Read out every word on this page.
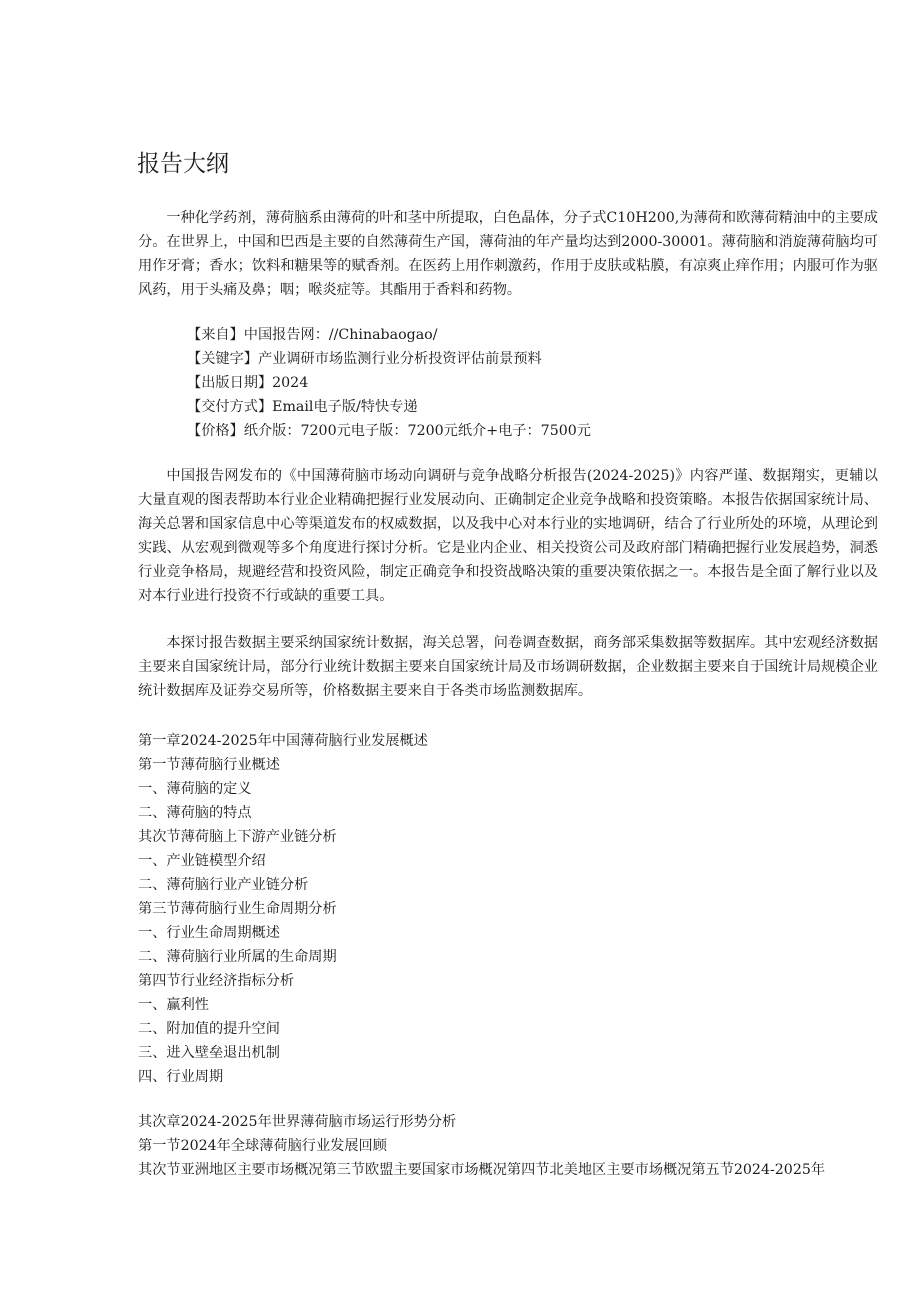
报告大纲

一种化学药剂，薄荷脑系由薄荷的叶和茎中所提取，白色晶体，分子式C10H200,为薄荷和欧薄荷精油中的主要成分。在世界上，中国和巴西是主要的自然薄荷生产国，薄荷油的年产量均达到2000-30001。薄荷脑和消旋薄荷脑均可用作牙膏；香水；饮料和糖果等的赋香剂。在医药上用作刺激药，作用于皮肤或粘膜，有凉爽止痒作用；内服可作为驱风药，用于头痛及鼻；咽；喉炎症等。其酯用于香料和药物。

【来自】中国报告网：//Chinabaogao/
【关键字】产业调研市场监测行业分析投资评估前景预料
【出版日期】2024
【交付方式】Email电子版/特快专递
【价格】纸介版：7200元电子版：7200元纸介+电子：7500元

中国报告网发布的《中国薄荷脑市场动向调研与竞争战略分析报告(2024-2025)》内容严谨、数据翔实，更辅以大量直观的图表帮助本行业企业精确把握行业发展动向、正确制定企业竞争战略和投资策略。本报告依据国家统计局、海关总署和国家信息中心等渠道发布的权威数据，以及我中心对本行业的实地调研，结合了行业所处的环境，从理论到实践、从宏观到微观等多个角度进行探讨分析。它是业内企业、相关投资公司及政府部门精确把握行业发展趋势，洞悉行业竞争格局，规避经营和投资风险，制定正确竞争和投资战略决策的重要决策依据之一。本报告是全面了解行业以及对本行业进行投资不行或缺的重要工具。

本探讨报告数据主要采纳国家统计数据，海关总署，问卷调查数据，商务部采集数据等数据库。其中宏观经济数据主要来自国家统计局，部分行业统计数据主要来自国家统计局及市场调研数据，企业数据主要来自于国统计局规模企业统计数据库及证券交易所等，价格数据主要来自于各类市场监测数据库。

第一章2024-2025年中国薄荷脑行业发展概述
第一节薄荷脑行业概述
一、薄荷脑的定义
二、薄荷脑的特点
其次节薄荷脑上下游产业链分析
一、产业链模型介绍
二、薄荷脑行业产业链分析
第三节薄荷脑行业生命周期分析
一、行业生命周期概述
二、薄荷脑行业所属的生命周期
第四节行业经济指标分析
一、赢利性
二、附加值的提升空间
三、进入壁垒退出机制
四、行业周期
其次章2024-2025年世界薄荷脑市场运行形势分析
第一节2024年全球薄荷脑行业发展回顾
其次节亚洲地区主要市场概况第三节欧盟主要国家市场概况第四节北美地区主要市场概况第五节2024-2025年
